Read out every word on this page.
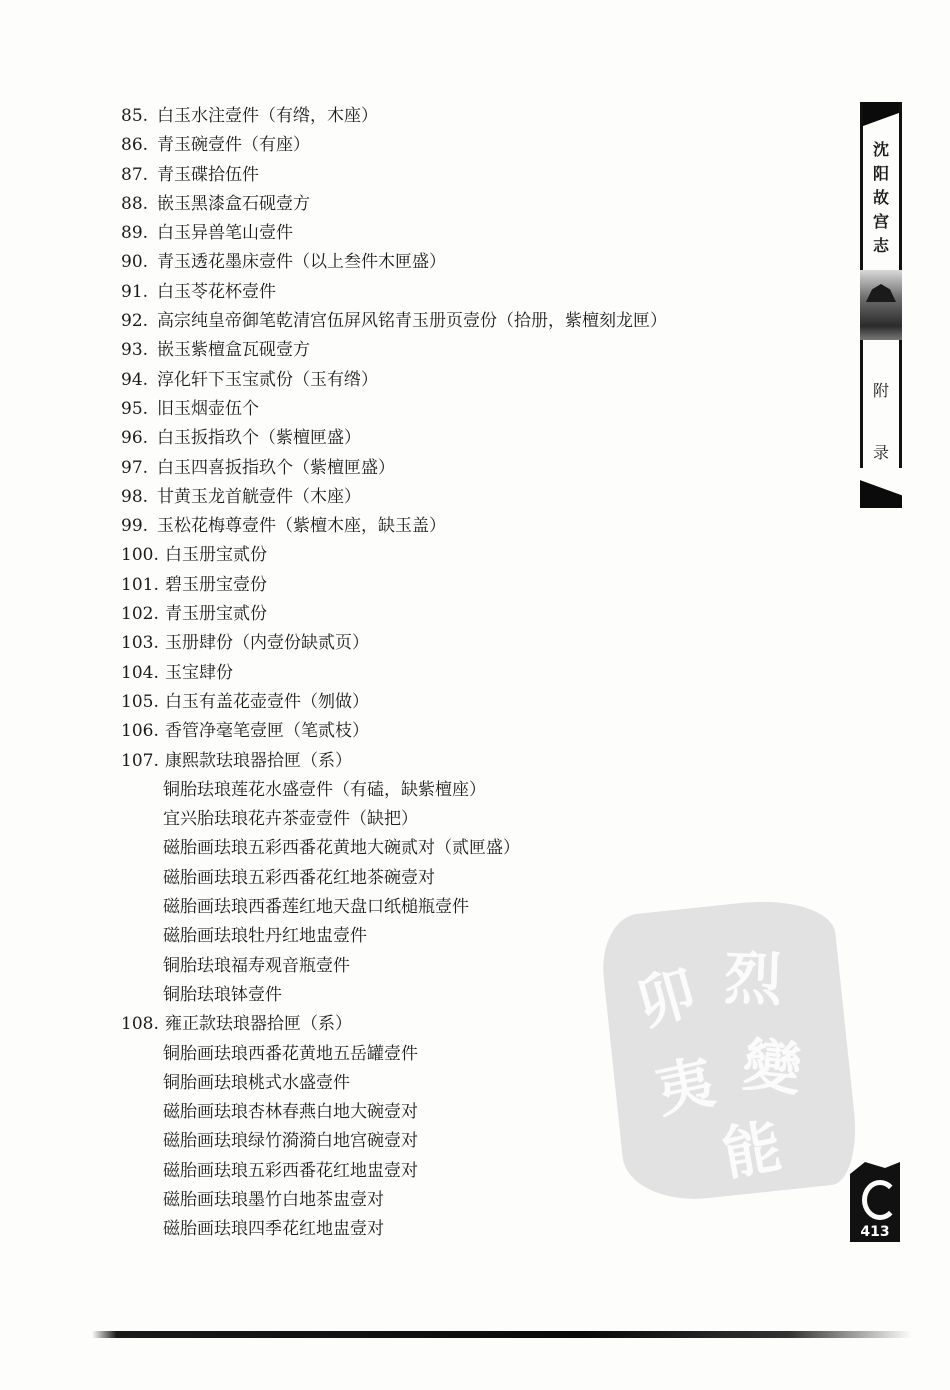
85. 白玉水注壹件（有绺，木座）
86. 青玉碗壹件（有座）
87. 青玉碟拾伍件
88. 嵌玉黑漆盒石砚壹方
89. 白玉异兽笔山壹件
90. 青玉透花墨床壹件（以上叁件木匣盛）
91. 白玉苓花杯壹件
92. 高宗纯皇帝御笔乾清宫伍屏风铭青玉册页壹份（拾册，紫檀刻龙匣）
93. 嵌玉紫檀盒瓦砚壹方
94. 淳化轩下玉宝贰份（玉有绺）
95. 旧玉烟壶伍个
96. 白玉扳指玖个（紫檀匣盛）
97. 白玉四喜扳指玖个（紫檀匣盛）
98. 甘黄玉龙首觥壹件（木座）
99. 玉松花梅尊壹件（紫檀木座，缺玉盖）
100. 白玉册宝贰份
101. 碧玉册宝壹份
102. 青玉册宝贰份
103. 玉册肆份（内壹份缺贰页）
104. 玉宝肆份
105. 白玉有盖花壶壹件（刎做）
106. 香管净毫笔壹匣（笔贰枝）
107. 康熙款珐琅器拾匣（系）
铜胎珐琅莲花水盛壹件（有磕，缺紫檀座）
宜兴胎珐琅花卉茶壶壹件（缺把）
磁胎画珐琅五彩西番花黄地大碗贰对（贰匣盛）
磁胎画珐琅五彩西番花红地茶碗壹对
磁胎画珐琅西番莲红地天盘口纸槌瓶壹件
磁胎画珐琅牡丹红地盅壹件
铜胎珐琅福寿观音瓶壹件
铜胎珐琅钵壹件
108. 雍正款珐琅器拾匣（系）
铜胎画珐琅西番花黄地五岳罐壹件
铜胎画珐琅桃式水盛壹件
磁胎画珐琅杏林春燕白地大碗壹对
磁胎画珐琅绿竹漪漪白地宫碗壹对
磁胎画珐琅五彩西番花红地盅壹对
磁胎画珐琅墨竹白地茶盅壹对
磁胎画珐琅四季花红地盅壹对
沈
阳
故
宫
志
附
录
卯 烈
夷 變
能
413
